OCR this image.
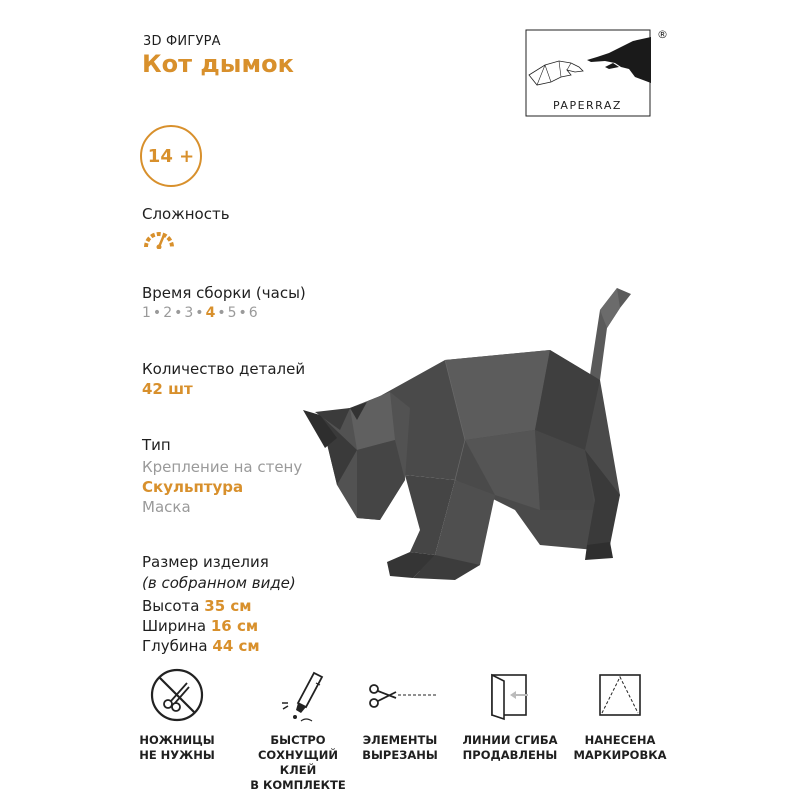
3D ФИГУРА
Кот дымок
PAPERRAZ
®
14 +
Сложность
Время сборки (часы)
1 • 2 • 3 • 4 • 5 • 6
Количество деталей
42 шт
Тип
Крепление на стену
Скульптура
Маска
Размер изделия
(в собранном виде)
Высота 35 см
Ширина 16 см
Глубина 44 см
НОЖНИЦЫ
НЕ НУЖНЫ
БЫСТРО
СОХНУЩИЙ КЛЕЙ
В КОМПЛЕКТЕ
ЭЛЕМЕНТЫ
ВЫРЕЗАНЫ
ЛИНИИ СГИБА
ПРОДАВЛЕНЫ
НАНЕСЕНА
МАРКИРОВКА
